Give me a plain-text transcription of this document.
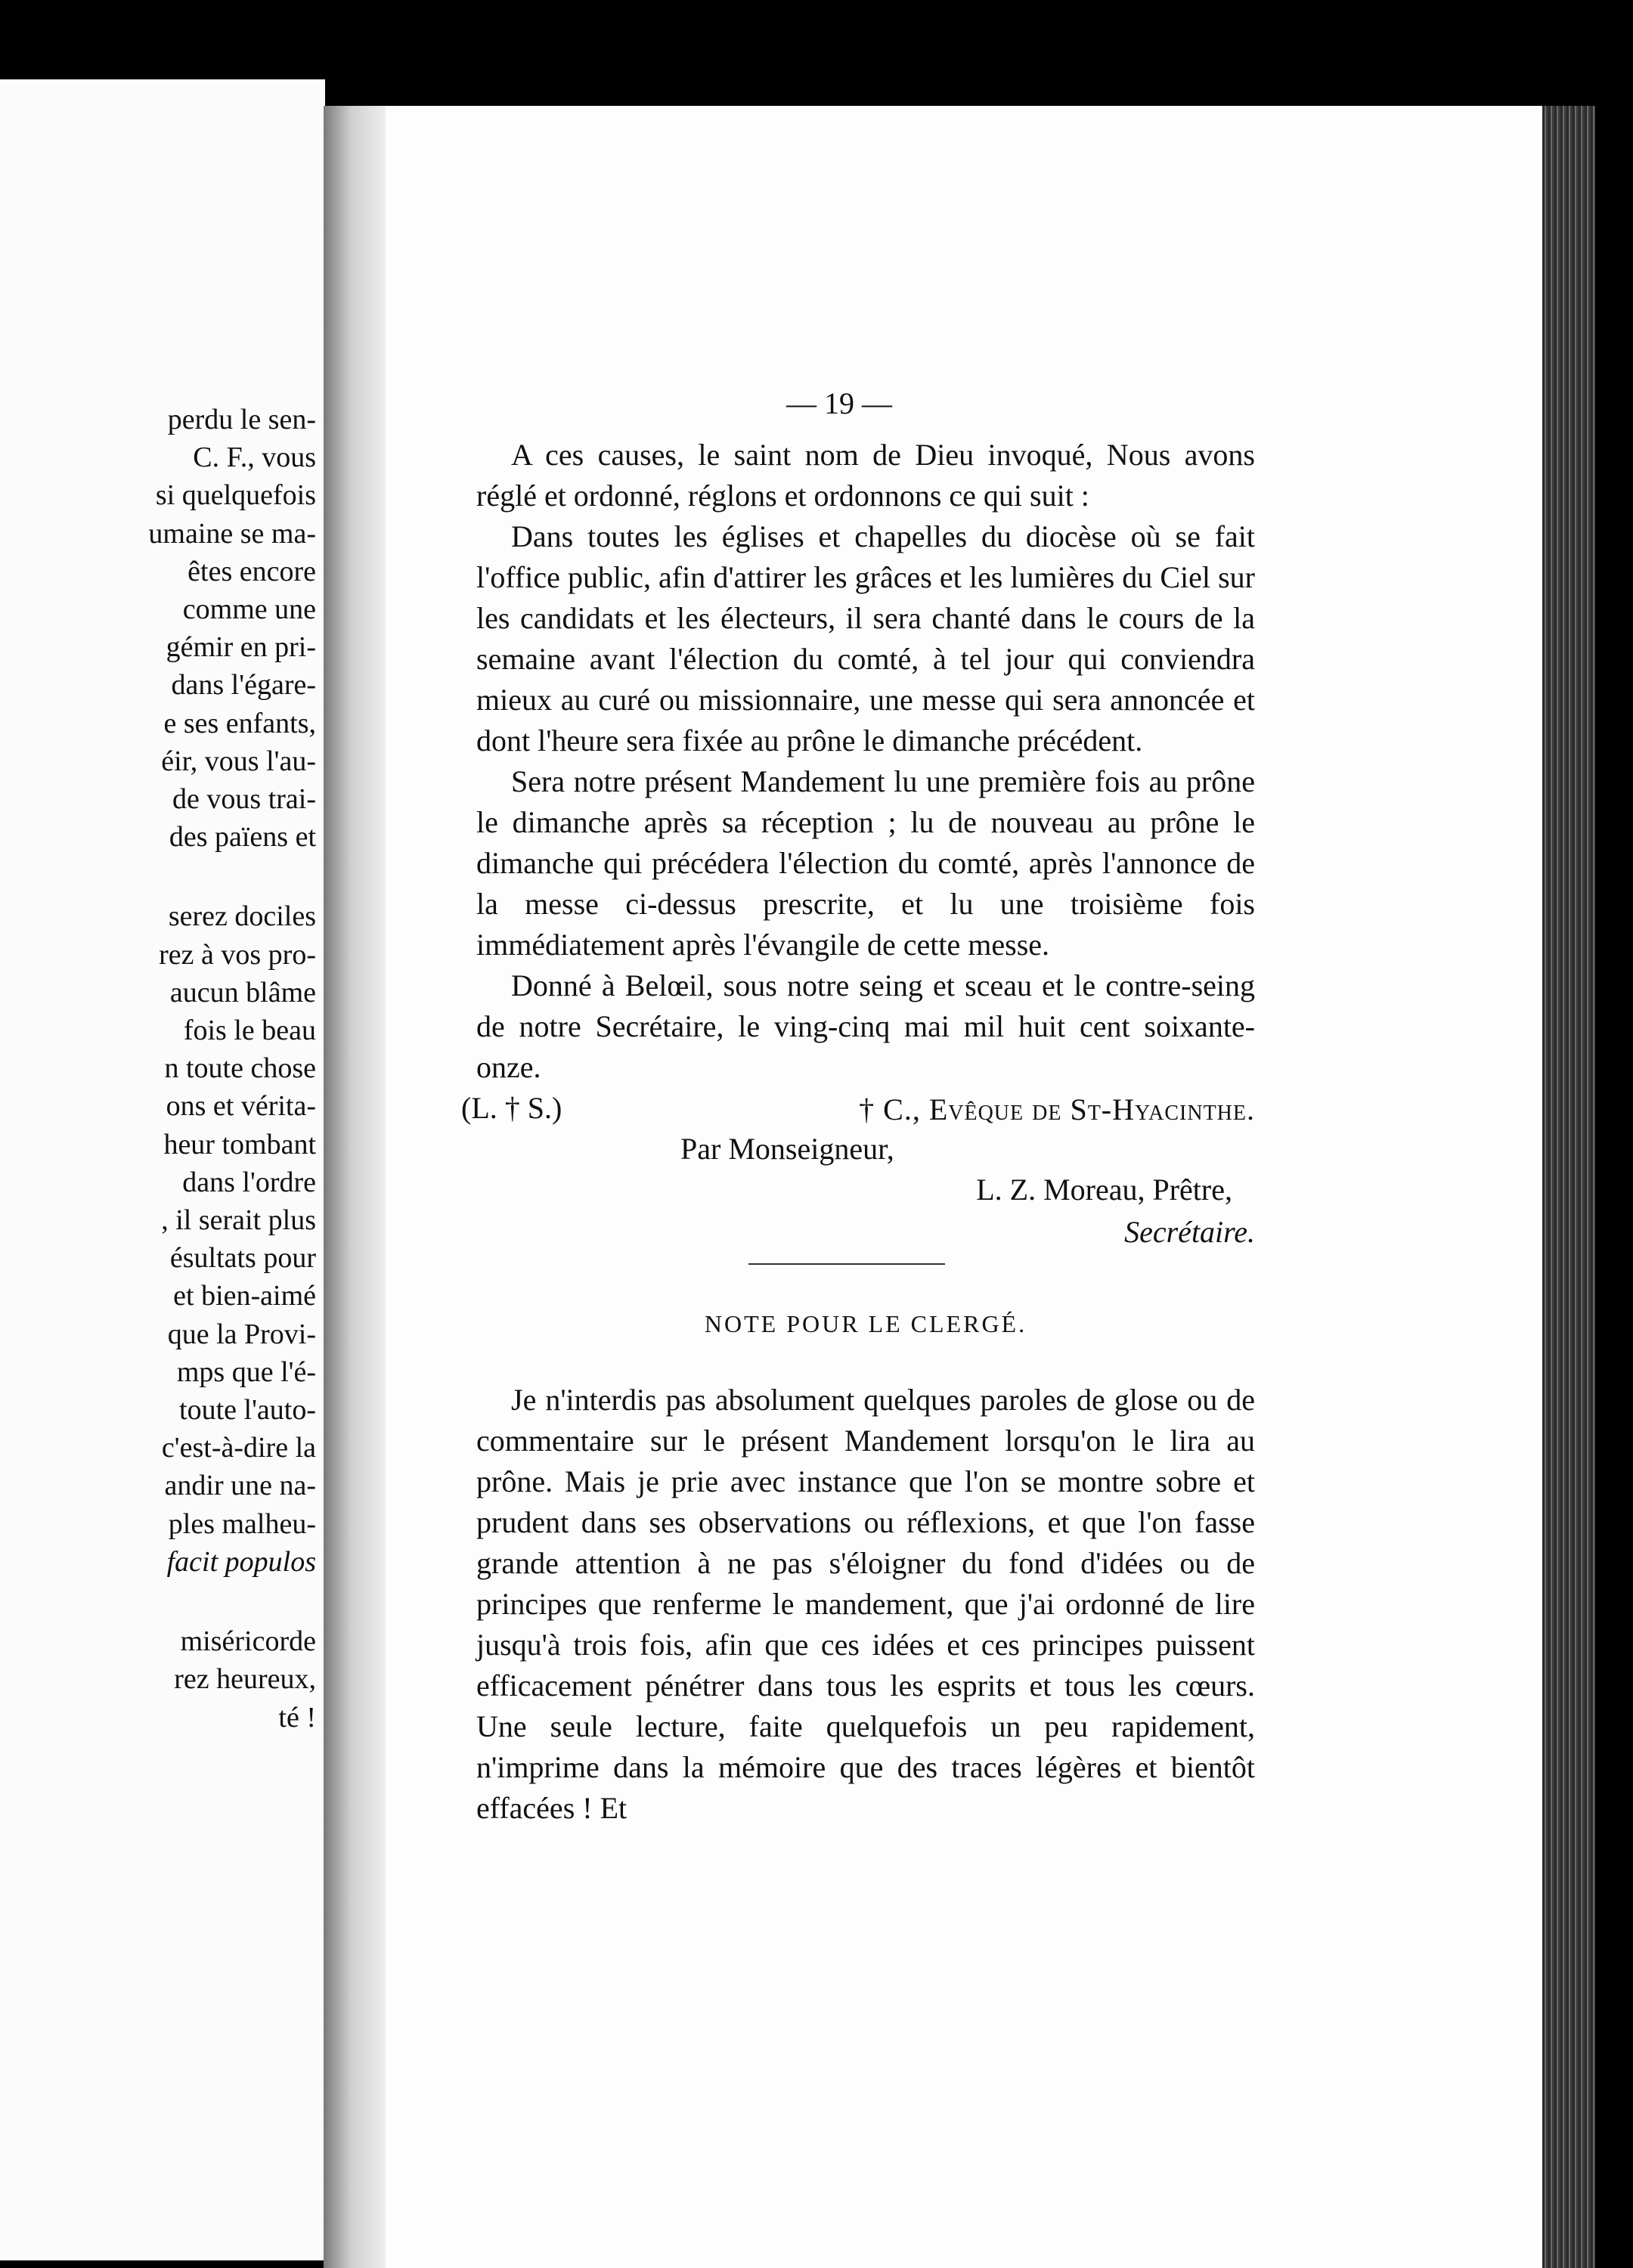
perdu le sen-
C. F., vous
si quelquefois
umaine se ma-
êtes encore
comme une
gémir en pri-
dans l'égare-
e ses enfants,
éir, vous l'au-
de vous trai-
des païens et
serez dociles
rez à vos pro-
aucun blâme
fois le beau
n toute chose
ons et vérita-
heur tombant
dans l'ordre
, il serait plus
ésultats pour
et bien-aimé
que la Provi-
mps que l'é-
toute l'auto-
c'est-à-dire la
andir une na-
ples malheu-
facit populos
miséricorde
rez heureux,
té !
— 19 —

A ces causes, le saint nom de Dieu invoqué, Nous avons réglé et ordonné, réglons et ordonnons ce qui suit :

Dans toutes les églises et chapelles du diocèse où se fait l'office public, afin d'attirer les grâces et les lumières du Ciel sur les candidats et les électeurs, il sera chanté dans le cours de la semaine avant l'élection du comté, à tel jour qui conviendra mieux au curé ou missionnaire, une messe qui sera annoncée et dont l'heure sera fixée au prône le dimanche précédent.

Sera notre présent Mandement lu une première fois au prône le dimanche après sa réception ; lu de nouveau au prône le dimanche qui précédera l'élection du comté, après l'annonce de la messe ci-dessus prescrite, et lu une troisième fois immédiatement après l'évangile de cette messe.

Donné à Belœil, sous notre seing et sceau et le contre-seing de notre Secrétaire, le ving-cinq mai mil huit cent soixante-onze.

(L. † S.)	† C., Evêque de St-Hyacinthe.
Par Monseigneur,
L. Z. Moreau, Prêtre,
Secrétaire.
NOTE POUR LE CLERGÉ.

Je n'interdis pas absolument quelques paroles de glose ou de commentaire sur le présent Mandement lorsqu'on le lira au prône. Mais je prie avec instance que l'on se montre sobre et prudent dans ses observations ou réflexions, et que l'on fasse grande attention à ne pas s'éloigner du fond d'idées ou de principes que renferme le mandement, que j'ai ordonné de lire jusqu'à trois fois, afin que ces idées et ces principes puissent efficacement pénétrer dans tous les esprits et tous les cœurs. Une seule lecture, faite quelquefois un peu rapidement, n'imprime dans la mémoire que des traces légères et bientôt effacées ! Et
